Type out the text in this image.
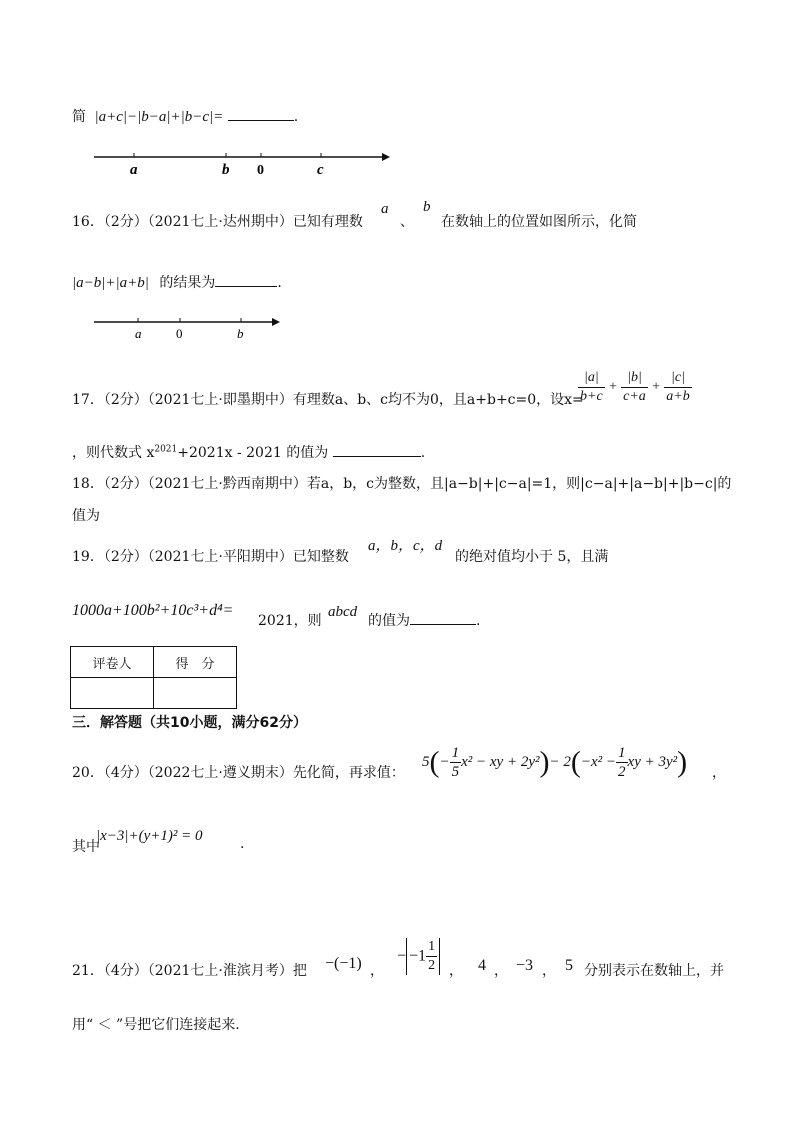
简 |a+c|−|b−a|+|b−c|=	.
a	b 0	c
16．（2分）（2021七上·达州期中）已知有理数
a
、
b
在数轴上的位置如图所示，化简
|a−b|+|a+b| 的结果为	.
a	0	b
17．（2分）（2021七上·即墨期中）有理数a、b、c均不为0，且a+b+c=0，设x=
$\frac{|a|}{b+c} + \frac{|b|}{c+a} + \frac{|c|}{a+b}$
，则代数式 $x^{2021}+2021x - 2021$ 的值为	.
18．（2分）（2021七上·黔西南期中）若a，b，c为整数，且|a−b|+|c−a|=1，则|c−a|+|a−b|+|b−c|的
值为
19．（2分）（2021七上·平阳期中）已知整数
a，b，c，d
的绝对值均小于 5，且满
1000a+100b²+10c³+d⁴=
2021，则
abcd
的值为	.
评卷人	得　分

三．解答题（共10小题，满分62分）
20．（4分）（2022七上·遵义期末）先化简，再求值：
$5(- \frac{1}{5} x^2$ − xy + $2y^2)- 2(-x^2 - \frac{1}{2}$ xy + 3y²) ，
其中
|x−3|+(y+1)² = 0	.
21．（4分）（2021七上·淮滨月考）把 −(−1) ，
− $-1 \frac{1}{2}$ ， 4 ， −3 ， 5 分别表示在数轴上，并
用“ ＜ ”号把它们连接起来.
